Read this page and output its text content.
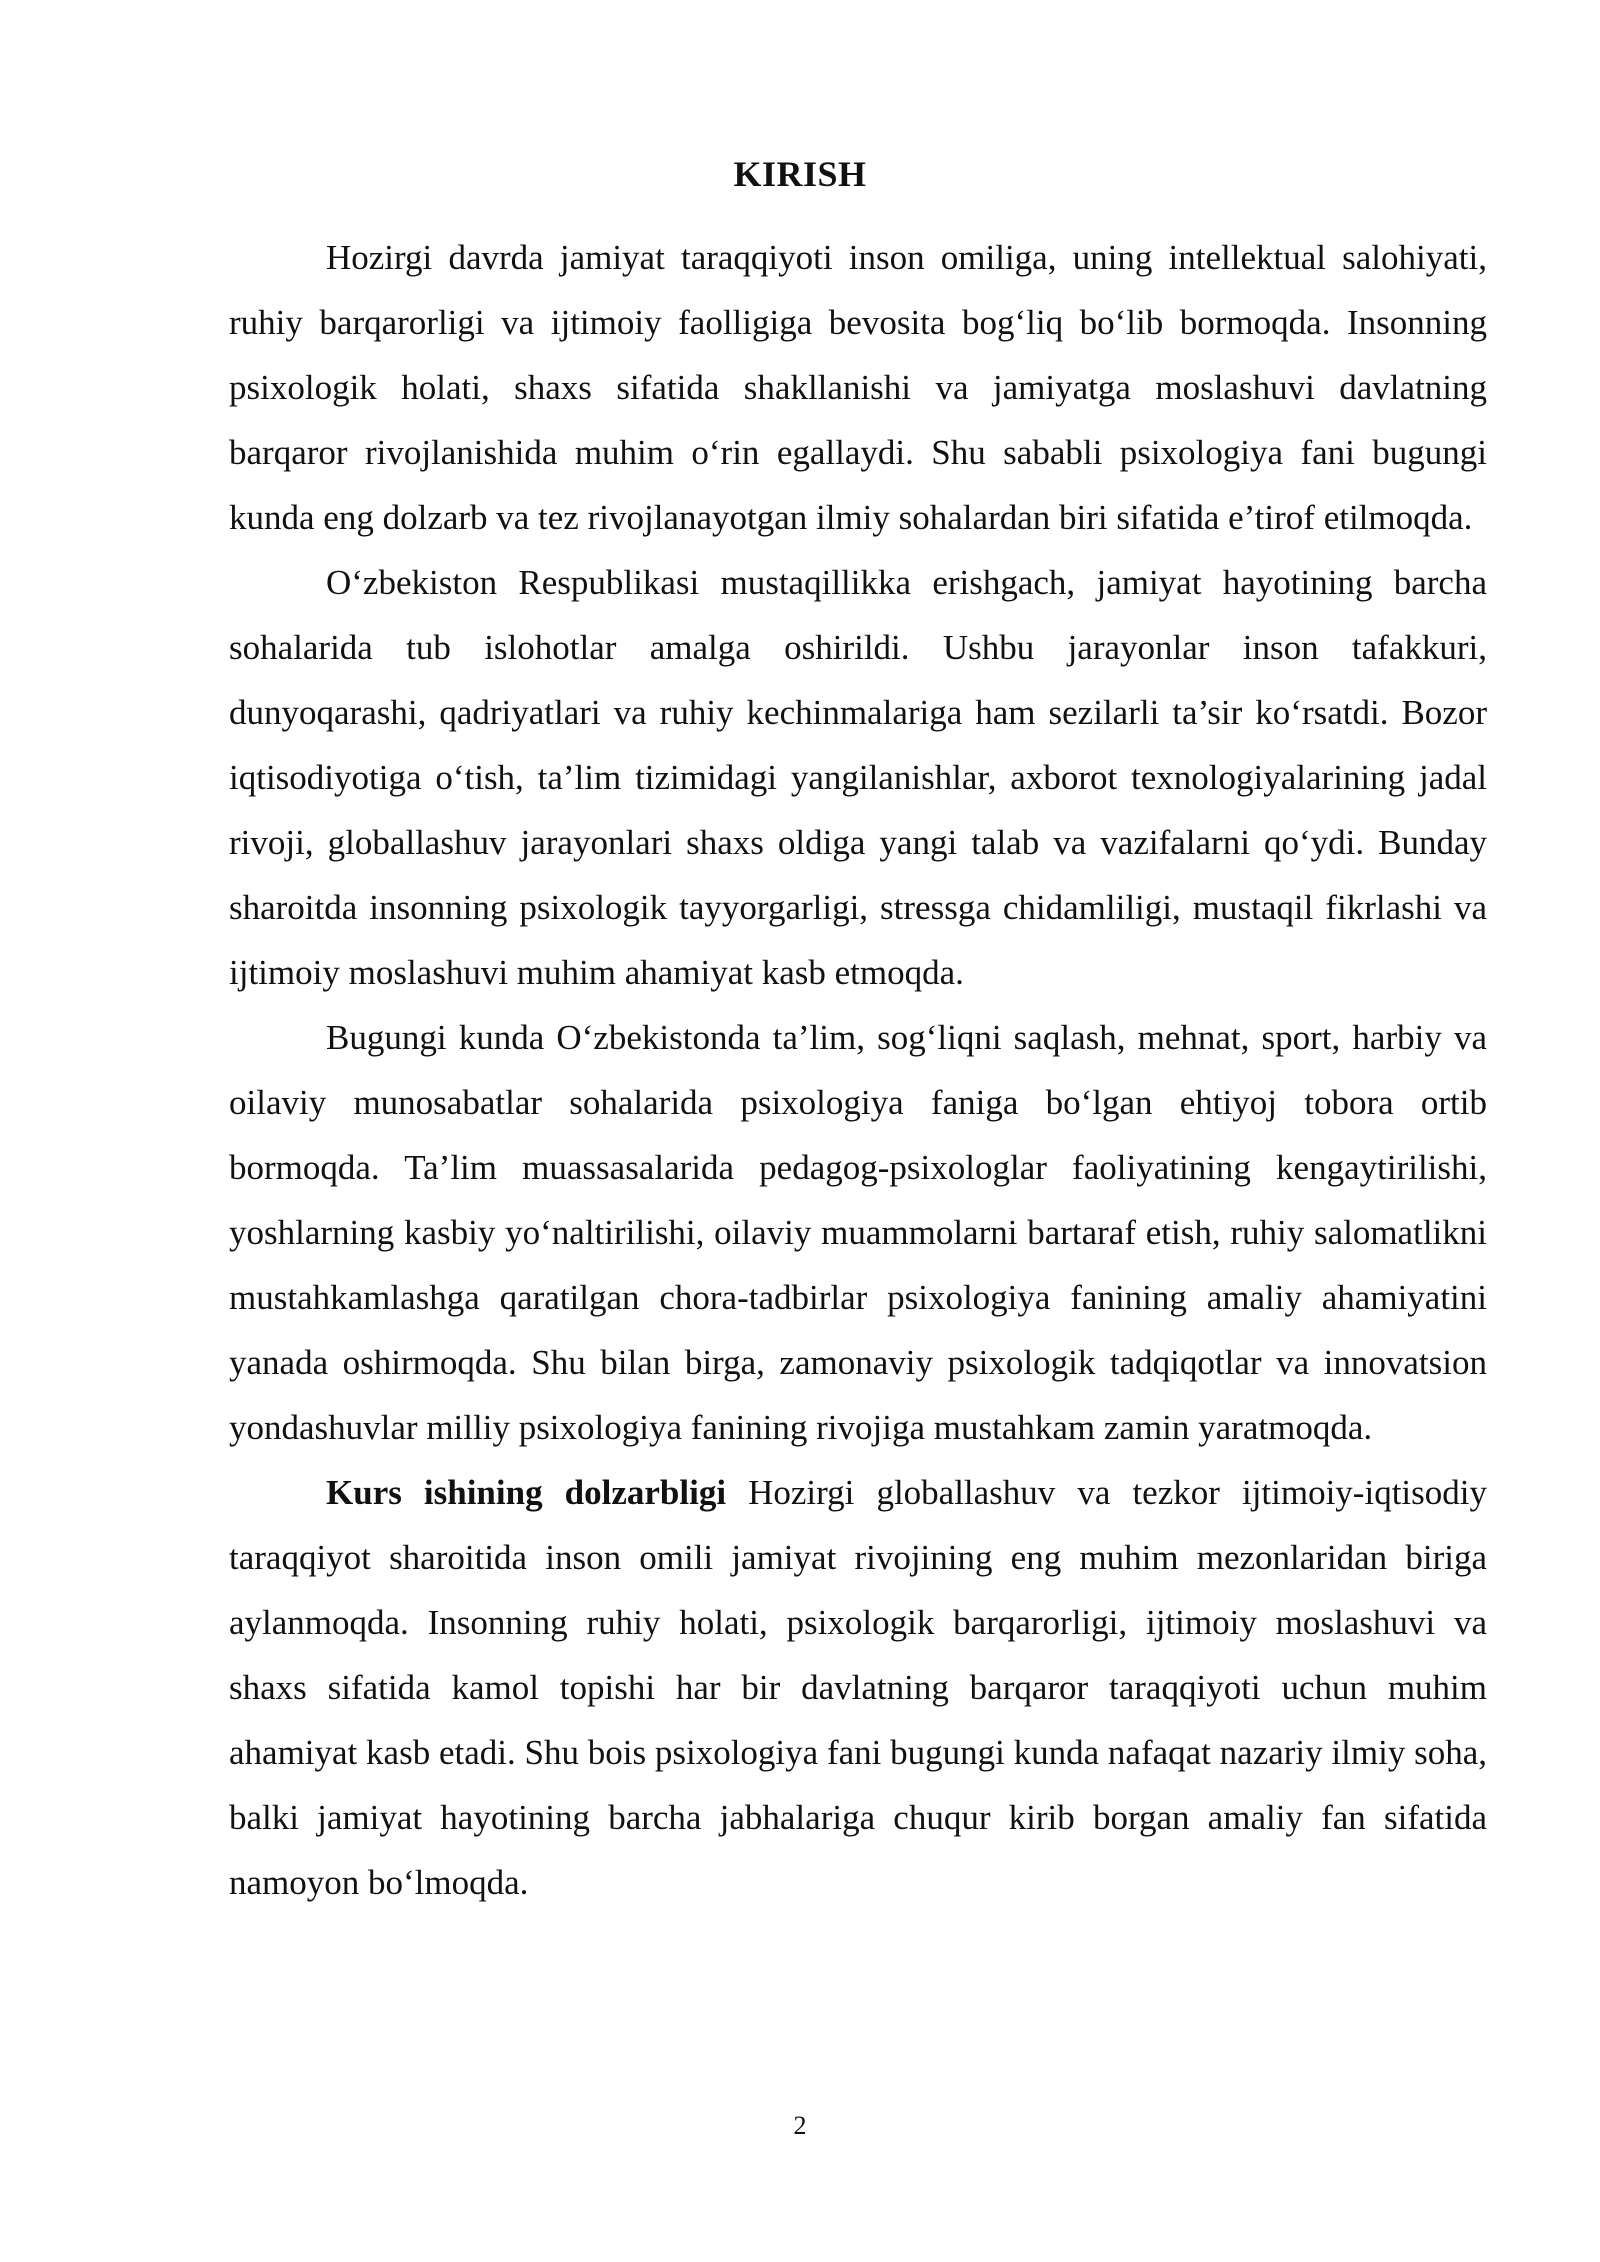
KIRISH

Hozirgi davrda jamiyat taraqqiyoti inson omiliga, uning intellektual salohiyati, ruhiy barqarorligi va ijtimoiy faolligiga bevosita bog‘liq bo‘lib bormoqda. Insonning psixologik holati, shaxs sifatida shakllanishi va jamiyatga moslashuvi davlatning barqaror rivojlanishida muhim o‘rin egallaydi. Shu sababli psixologiya fani bugungi kunda eng dolzarb va tez rivojlanayotgan ilmiy sohalardan biri sifatida e’tirof etilmoqda.

O‘zbekiston Respublikasi mustaqillikka erishgach, jamiyat hayotining barcha sohalarida tub islohotlar amalga oshirildi. Ushbu jarayonlar inson tafakkuri, dunyoqarashi, qadriyatlari va ruhiy kechinmalariga ham sezilarli ta’sir ko‘rsatdi. Bozor iqtisodiyotiga o‘tish, ta’lim tizimidagi yangilanishlar, axborot texnologiyalarining jadal rivoji, globallashuv jarayonlari shaxs oldiga yangi talab va vazifalarni qo‘ydi. Bunday sharoitda insonning psixologik tayyorgarligi, stressga chidamliligi, mustaqil fikrlashi va ijtimoiy moslashuvi muhim ahamiyat kasb etmoqda.

Bugungi kunda O‘zbekistonda ta’lim, sog‘liqni saqlash, mehnat, sport, harbiy va oilaviy munosabatlar sohalarida psixologiya faniga bo‘lgan ehtiyoj tobora ortib bormoqda. Ta’lim muassasalarida pedagog-psixologlar faoliyatining kengaytirilishi, yoshlarning kasbiy yo‘naltirilishi, oilaviy muammolarni bartaraf etish, ruhiy salomatlikni mustahkamlashga qaratilgan chora-tadbirlar psixologiya fanining amaliy ahamiyatini yanada oshirmoqda. Shu bilan birga, zamonaviy psixologik tadqiqotlar va innovatsion yondashuvlar milliy psixologiya fanining rivojiga mustahkam zamin yaratmoqda.

Kurs ishining dolzarbligi Hozirgi globallashuv va tezkor ijtimoiy-iqtisodiy taraqqiyot sharoitida inson omili jamiyat rivojining eng muhim mezonlaridan biriga aylanmoqda. Insonning ruhiy holati, psixologik barqarorligi, ijtimoiy moslashuvi va shaxs sifatida kamol topishi har bir davlatning barqaror taraqqiyoti uchun muhim ahamiyat kasb etadi. Shu bois psixologiya fani bugungi kunda nafaqat nazariy ilmiy soha, balki jamiyat hayotining barcha jabhalariga chuqur kirib borgan amaliy fan sifatida namoyon bo‘lmoqda.

2
